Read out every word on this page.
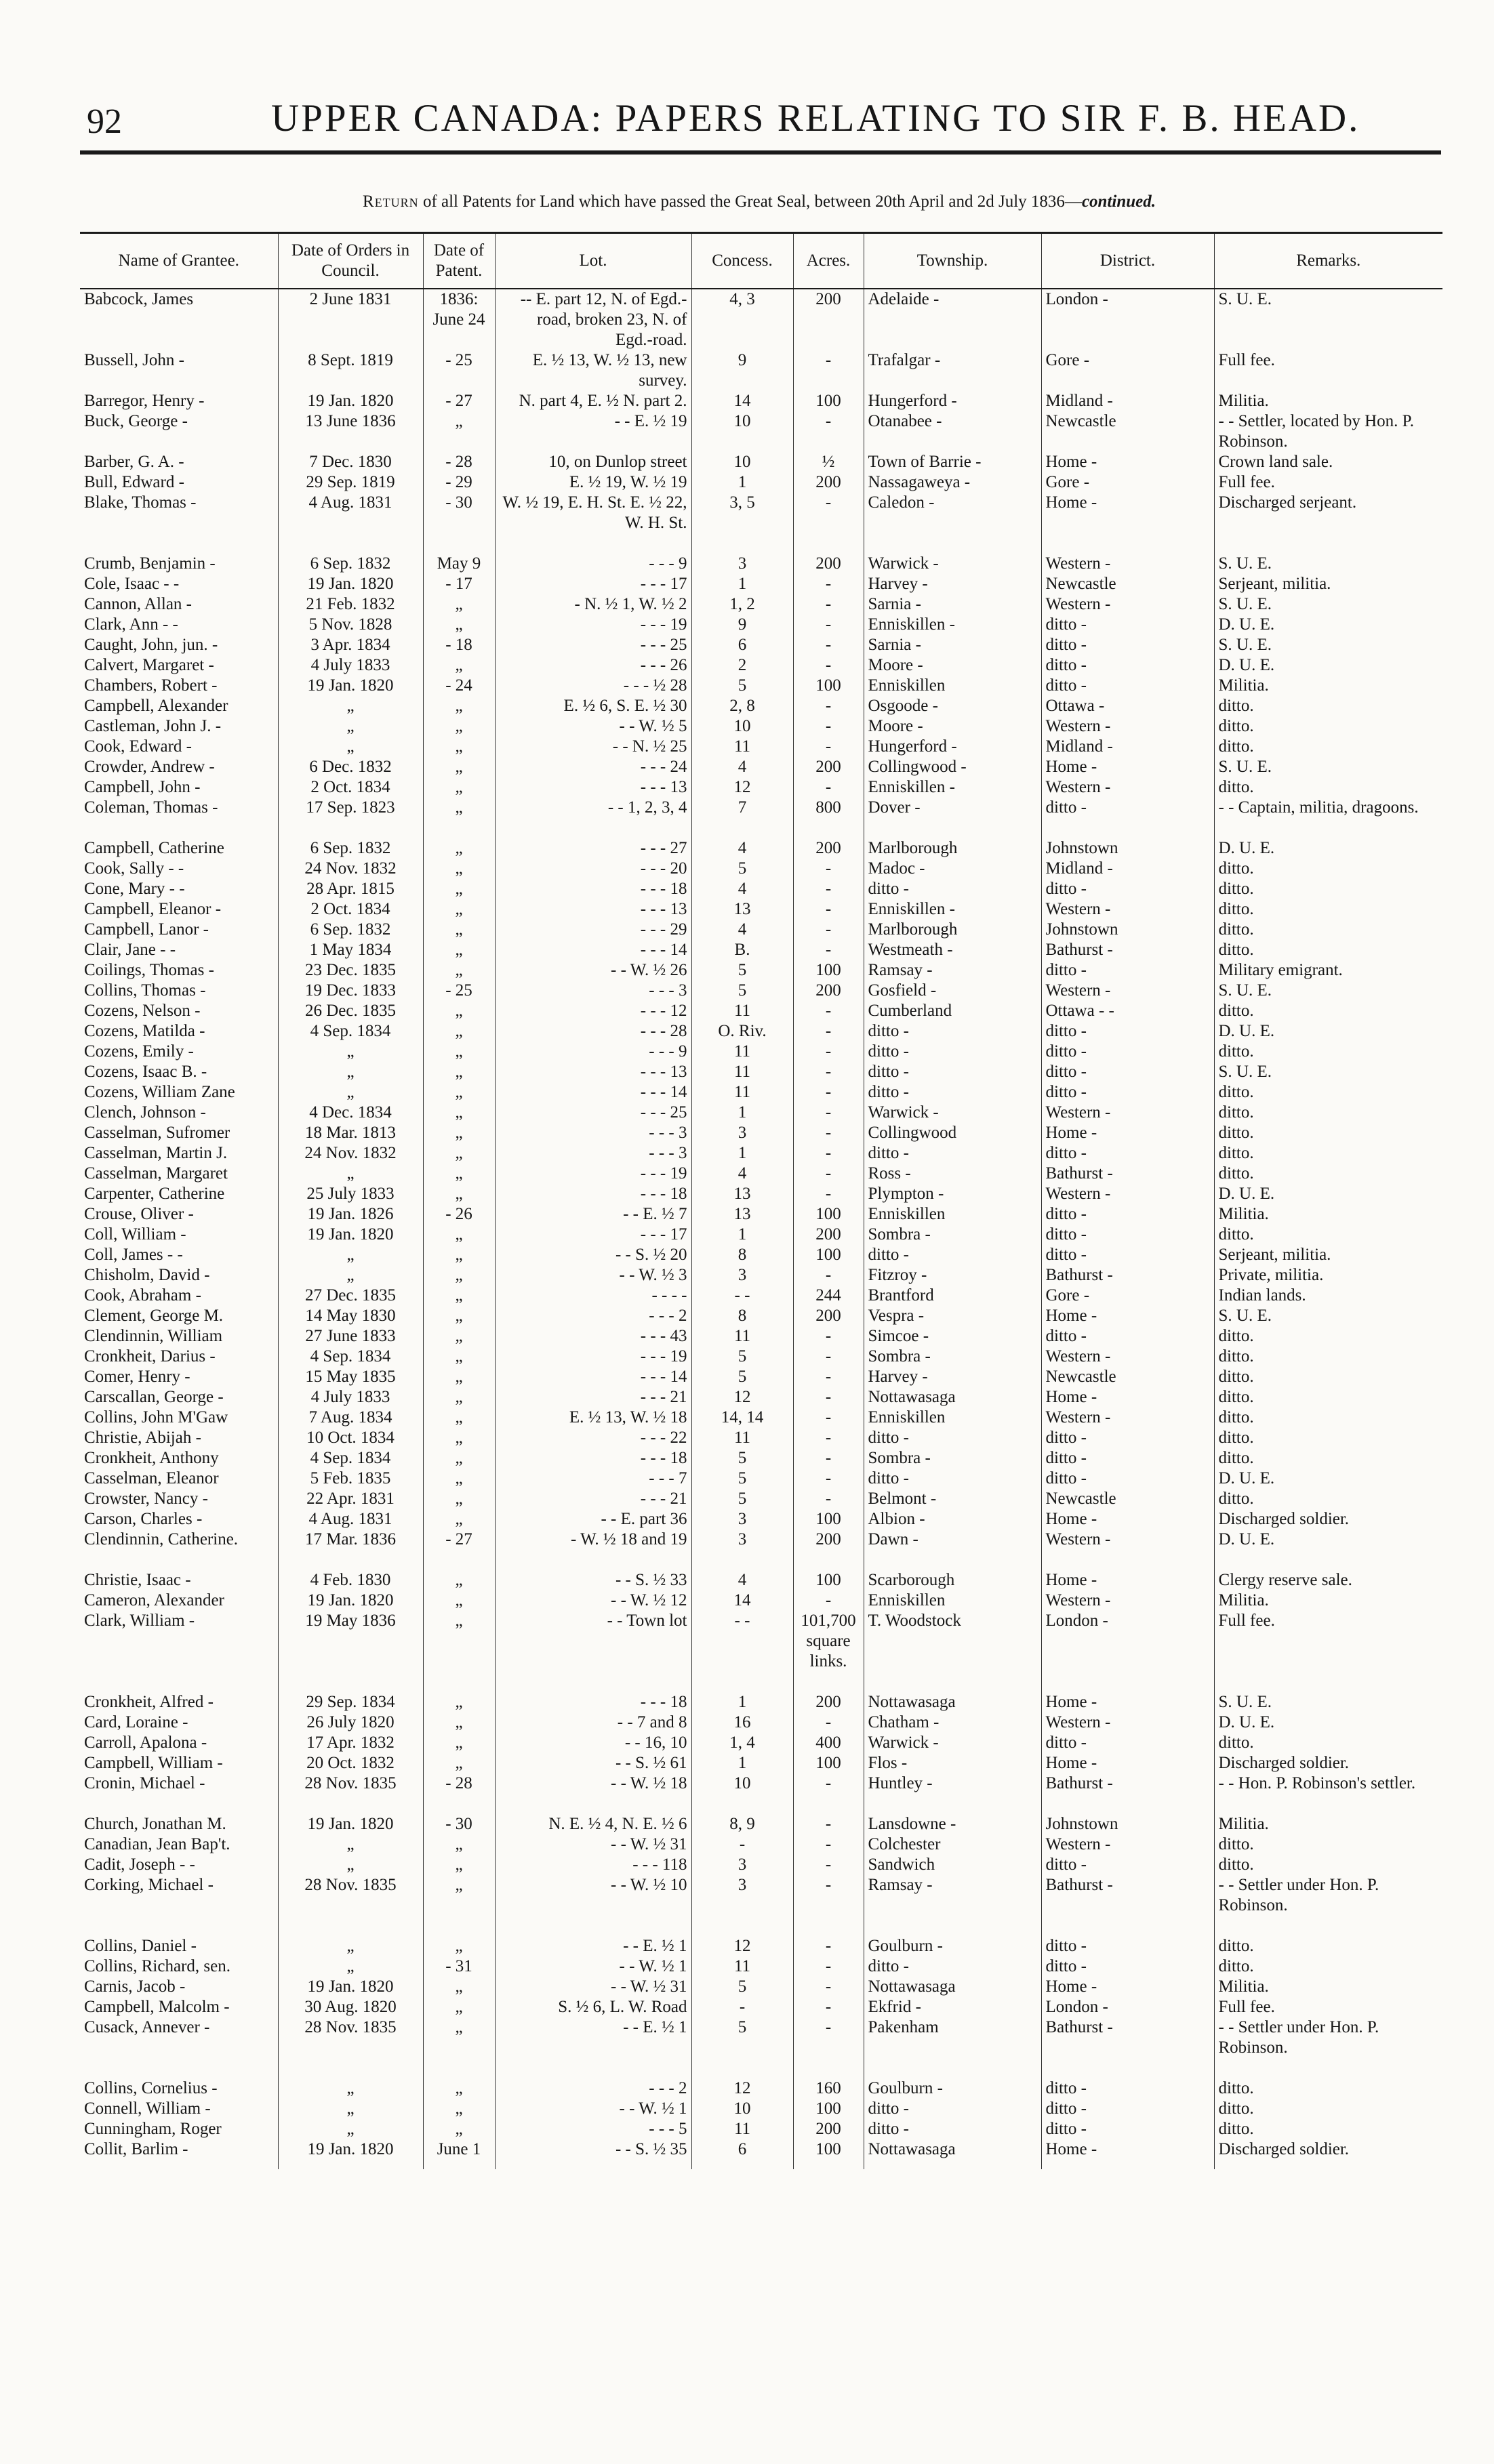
92	UPPER CANADA: PAPERS RELATING TO SIR F. B. HEAD.
Return of all Patents for Land which have passed the Great Seal, between 20th April and 2d July 1836—continued.
Name of Grantee.	Date of Orders in Council.	Date of Patent.	Lot.	Concess.	Acres.	Township.	District.	Remarks.
Babcock, James	2 June 1831	1836: June 24	-- E. part 12, N. of Egd.-road, broken 23, N. of Egd.-road.	4, 3	200	Adelaide -	London -	S. U. E.
Bussell, John -	8 Sept. 1819	- 25	E. ½ 13, W. ½ 13, new survey.	9	-	Trafalgar -	Gore -	Full fee.
Barregor, Henry -	19 Jan. 1820	- 27	N. part 4, E. ½ N. part 2.	14	100	Hungerford -	Midland -	Militia.
Buck, George -	13 June 1836	„	- - E. ½ 19	10	-	Otanabee -	Newcastle	- - Settler, located by Hon. P. Robinson.
Barber, G. A. -	7 Dec. 1830	- 28	10, on Dunlop street	10	½	Town of Barrie -	Home -	Crown land sale.
Bull, Edward -	29 Sep. 1819	- 29	E. ½ 19, W. ½ 19	1	200	Nassagaweya -	Gore -	Full fee.
Blake, Thomas -	4 Aug. 1831	- 30	W. ½ 19, E. H. St. E. ½ 22, W. H. St.	3, 5	-	Caledon -	Home -	Discharged serjeant.
Crumb, Benjamin -	6 Sep. 1832	May 9	- - - 9	3	200	Warwick -	Western -	S. U. E.
Cole, Isaac - -	19 Jan. 1820	- 17	- - - 17	1	-	Harvey -	Newcastle	Serjeant, militia.
Cannon, Allan -	21 Feb. 1832	„	- N. ½ 1, W. ½ 2	1, 2	-	Sarnia -	Western -	S. U. E.
Clark, Ann - -	5 Nov. 1828	„	- - - 19	9	-	Enniskillen -	ditto -	D. U. E.
Caught, John, jun. -	3 Apr. 1834	- 18	- - - 25	6	-	Sarnia -	ditto -	S. U. E.
Calvert, Margaret -	4 July 1833	„	- - - 26	2	-	Moore -	ditto -	D. U. E.
Chambers, Robert -	19 Jan. 1820	- 24	- - - ½ 28	5	100	Enniskillen	ditto -	Militia.
Campbell, Alexander	„	„	E. ½ 6, S. E. ½ 30	2, 8	-	Osgoode -	Ottawa -	ditto.
Castleman, John J. -	„	„	- - W. ½ 5	10	-	Moore -	Western -	ditto.
Cook, Edward -	„	„	- - N. ½ 25	11	-	Hungerford -	Midland -	ditto.
Crowder, Andrew -	6 Dec. 1832	„	- - - 24	4	200	Collingwood -	Home -	S. U. E.
Campbell, John -	2 Oct. 1834	„	- - - 13	12	-	Enniskillen -	Western -	ditto.
Coleman, Thomas -	17 Sep. 1823	„	- - 1, 2, 3, 4	7	800	Dover -	ditto -	- - Captain, militia, dragoons.
Campbell, Catherine	6 Sep. 1832	„	- - - 27	4	200	Marlborough	Johnstown	D. U. E.
Cook, Sally - -	24 Nov. 1832	„	- - - 20	5	-	Madoc -	Midland -	ditto.
Cone, Mary - -	28 Apr. 1815	„	- - - 18	4	-	ditto -	ditto -	ditto.
Campbell, Eleanor -	2 Oct. 1834	„	- - - 13	13	-	Enniskillen -	Western -	ditto.
Campbell, Lanor -	6 Sep. 1832	„	- - - 29	4	-	Marlborough	Johnstown	ditto.
Clair, Jane - -	1 May 1834	„	- - - 14	B.	-	Westmeath -	Bathurst -	ditto.
Coilings, Thomas -	23 Dec. 1835	„	- - W. ½ 26	5	100	Ramsay -	ditto -	Military emigrant.
Collins, Thomas -	19 Dec. 1833	- 25	- - - 3	5	200	Gosfield -	Western -	S. U. E.
Cozens, Nelson -	26 Dec. 1835	„	- - - 12	11	-	Cumberland	Ottawa - -	ditto.
Cozens, Matilda -	4 Sep. 1834	„	- - - 28	O. Riv.	-	ditto -	ditto -	D. U. E.
Cozens, Emily -	„	„	- - - 9	11	-	ditto -	ditto -	ditto.
Cozens, Isaac B. -	„	„	- - - 13	11	-	ditto -	ditto -	S. U. E.
Cozens, William Zane	„	„	- - - 14	11	-	ditto -	ditto -	ditto.
Clench, Johnson -	4 Dec. 1834	„	- - - 25	1	-	Warwick -	Western -	ditto.
Casselman, Sufromer	18 Mar. 1813	„	- - - 3	3	-	Collingwood	Home -	ditto.
Casselman, Martin J.	24 Nov. 1832	„	- - - 3	1	-	ditto -	ditto -	ditto.
Casselman, Margaret	„	„	- - - 19	4	-	Ross -	Bathurst -	ditto.
Carpenter, Catherine	25 July 1833	„	- - - 18	13	-	Plympton -	Western -	D. U. E.
Crouse, Oliver -	19 Jan. 1826	- 26	- - E. ½ 7	13	100	Enniskillen	ditto -	Militia.
Coll, William -	19 Jan. 1820	„	- - - 17	1	200	Sombra -	ditto -	ditto.
Coll, James - -	„	„	- - S. ½ 20	8	100	ditto -	ditto -	Serjeant, militia.
Chisholm, David -	„	„	- - W. ½ 3	3	-	Fitzroy -	Bathurst -	Private, militia.
Cook, Abraham -	27 Dec. 1835	„	- - - -	- -	244	Brantford	Gore -	Indian lands.
Clement, George M.	14 May 1830	„	- - - 2	8	200	Vespra -	Home -	S. U. E.
Clendinnin, William	27 June 1833	„	- - - 43	11	-	Simcoe -	ditto -	ditto.
Cronkheit, Darius -	4 Sep. 1834	„	- - - 19	5	-	Sombra -	Western -	ditto.
Comer, Henry -	15 May 1835	„	- - - 14	5	-	Harvey -	Newcastle	ditto.
Carscallan, George -	4 July 1833	„	- - - 21	12	-	Nottawasaga	Home -	ditto.
Collins, John M'Gaw	7 Aug. 1834	„	E. ½ 13, W. ½ 18	14, 14	-	Enniskillen	Western -	ditto.
Christie, Abijah -	10 Oct. 1834	„	- - - 22	11	-	ditto -	ditto -	ditto.
Cronkheit, Anthony	4 Sep. 1834	„	- - - 18	5	-	Sombra -	ditto -	ditto.
Casselman, Eleanor	5 Feb. 1835	„	- - - 7	5	-	ditto -	ditto -	D. U. E.
Crowster, Nancy -	22 Apr. 1831	„	- - - 21	5	-	Belmont -	Newcastle	ditto.
Carson, Charles -	4 Aug. 1831	„	- - E. part 36	3	100	Albion -	Home -	Discharged soldier.
Clendinnin, Catherine.	17 Mar. 1836	- 27	- W. ½ 18 and 19	3	200	Dawn -	Western -	D. U. E.
Christie, Isaac -	4 Feb. 1830	„	- - S. ½ 33	4	100	Scarborough	Home -	Clergy reserve sale.
Cameron, Alexander	19 Jan. 1820	„	- - W. ½ 12	14	-	Enniskillen	Western -	Militia.
Clark, William -	19 May 1836	„	- - Town lot	- -	101,700 square links.	T. Woodstock	London -	Full fee.
Cronkheit, Alfred -	29 Sep. 1834	„	- - - 18	1	200	Nottawasaga	Home -	S. U. E.
Card, Loraine -	26 July 1820	„	- - 7 and 8	16	-	Chatham -	Western -	D. U. E.
Carroll, Apalona -	17 Apr. 1832	„	- - 16, 10	1, 4	400	Warwick -	ditto -	ditto.
Campbell, William -	20 Oct. 1832	„	- - S. ½ 61	1	100	Flos -	Home -	Discharged soldier.
Cronin, Michael -	28 Nov. 1835	- 28	- - W. ½ 18	10	-	Huntley -	Bathurst -	- - Hon. P. Robinson's settler.
Church, Jonathan M.	19 Jan. 1820	- 30	N. E. ½ 4, N. E. ½ 6	8, 9	-	Lansdowne -	Johnstown	Militia.
Canadian, Jean Bap't.	„	„	- - W. ½ 31	-	-	Colchester	Western -	ditto.
Cadit, Joseph - -	„	„	- - - 118	3	-	Sandwich	ditto -	ditto.
Corking, Michael -	28 Nov. 1835	„	- - W. ½ 10	3	-	Ramsay -	Bathurst -	- - Settler under Hon. P. Robinson.
Collins, Daniel -	„	„	- - E. ½ 1	12	-	Goulburn -	ditto -	ditto.
Collins, Richard, sen.	„	- 31	- - W. ½ 1	11	-	ditto -	ditto -	ditto.
Carnis, Jacob -	19 Jan. 1820	„	- - W. ½ 31	5	-	Nottawasaga	Home -	Militia.
Campbell, Malcolm -	30 Aug. 1820	„	S. ½ 6, L. W. Road	-	-	Ekfrid -	London -	Full fee.
Cusack, Annever -	28 Nov. 1835	„	- - E. ½ 1	5	-	Pakenham	Bathurst -	- - Settler under Hon. P. Robinson.
Collins, Cornelius -	„	„	- - - 2	12	160	Goulburn -	ditto -	ditto.
Connell, William -	„	„	- - W. ½ 1	10	100	ditto -	ditto -	ditto.
Cunningham, Roger	„	„	- - - 5	11	200	ditto -	ditto -	ditto.
Collit, Barlim -	19 Jan. 1820	June 1	- - S. ½ 35	6	100	Nottawasaga	Home -	Discharged soldier.
